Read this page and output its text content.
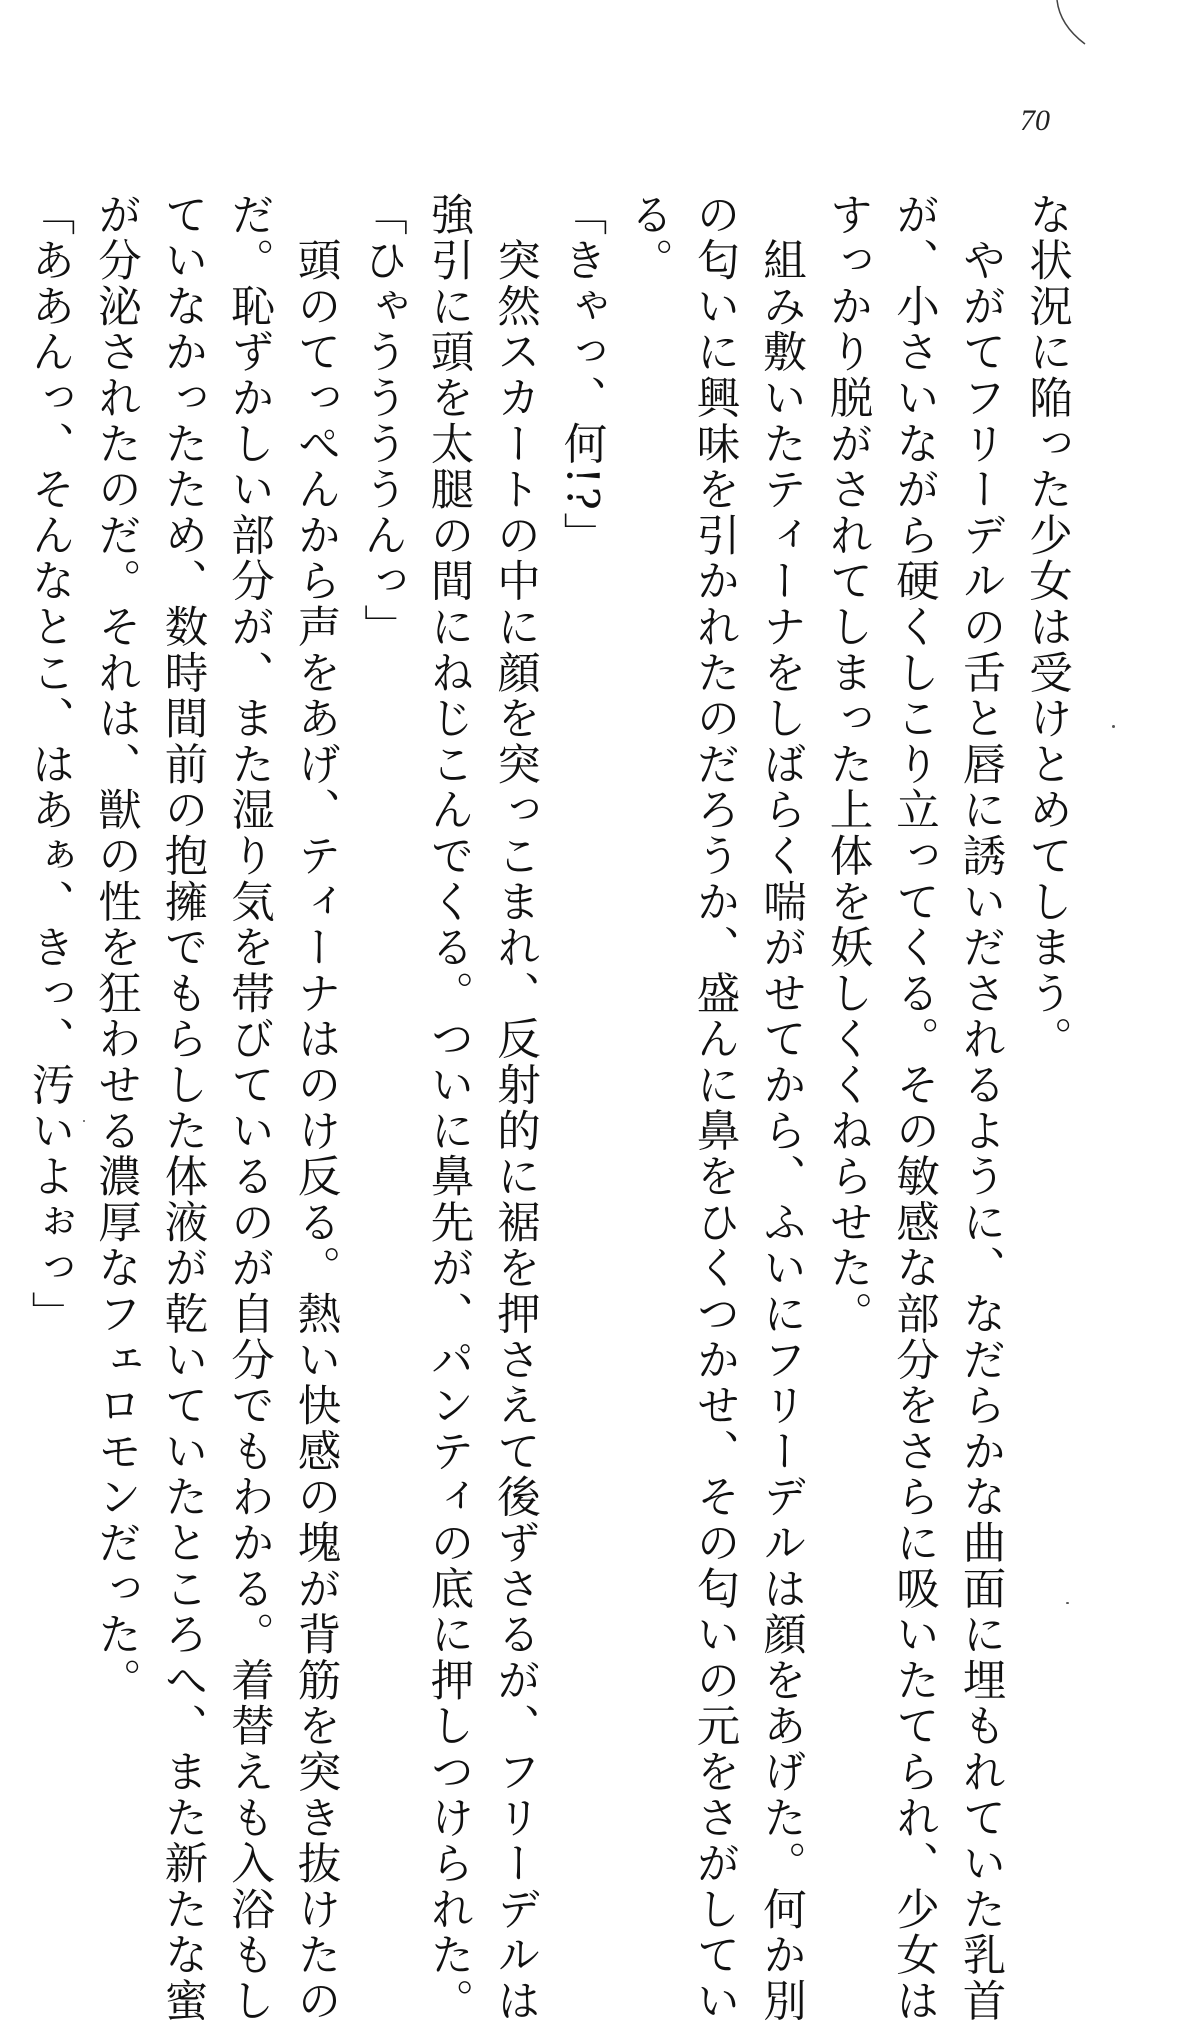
70

な状況に陥った少女は受けとめてしまう。

　やがてフリーデルの舌と唇に誘いだされるように、なだらかな曲面に埋もれていた乳首

が、小さいながら硬くしこり立ってくる。その敏感な部分をさらに吸いたてられ、少女は

すっかり脱がされてしまった上体を妖しくくねらせた。

　組み敷いたティーナをしばらく喘がせてから、ふいにフリーデルは顔をあげた。何か別

の匂いに興味を引かれたのだろうか、盛んに鼻をひくつかせ、その匂いの元をさがしてい

る。

「きゃっ、何!?」

　突然スカートの中に顔を突っこまれ、反射的に裾を押さえて後ずさるが、フリーデルは

強引に頭を太腿の間にねじこんでくる。ついに鼻先が、パンティの底に押しつけられた。

「ひゃううううんっ」

　頭のてっぺんから声をあげ、ティーナはのけ反る。熱い快感の塊が背筋を突き抜けたの

だ。恥ずかしい部分が、また湿り気を帯びているのが自分でもわかる。着替えも入浴もし

ていなかったため、数時間前の抱擁でもらした体液が乾いていたところへ、また新たな蜜

が分泌されたのだ。それは、獣の性を狂わせる濃厚なフェロモンだった。

「ああんっ、そんなとこ、はあぁ、きっ、汚いよぉっ」
